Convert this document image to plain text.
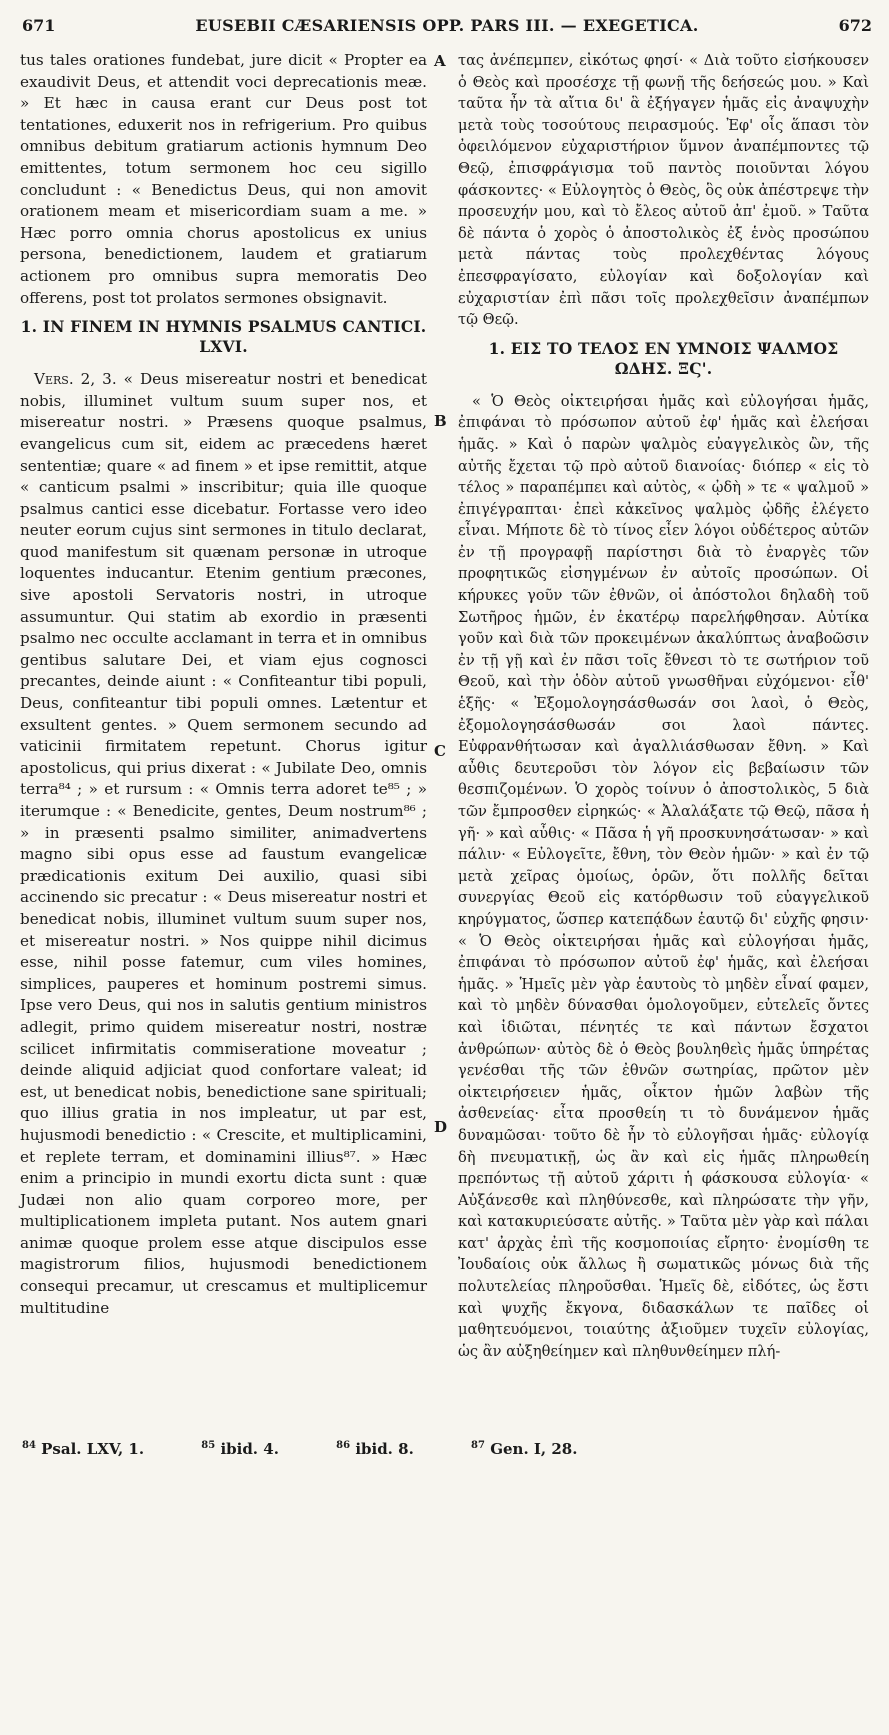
671	EUSEBII CÆSARIENSIS OPP. PARS III. — EXEGETICA.	672

tus tales orationes fundebat, jure dicit « Propter ea exaudivit Deus, et attendit voci deprecationis meæ. » Et hæc in causa erant cur Deus post tot tentationes, eduxerit nos in refrigerium. Pro quibus omnibus debitum gratiarum actionis hymnum Deo emittentes, totum sermonem hoc ceu sigillo concludunt : « Benedictus Deus, qui non amovit orationem meam et misericordiam suam a me. » Hæc porro omnia chorus apostolicus ex unius persona, benedictionem, laudem et gratiarum actionem pro omnibus supra memoratis Deo offerens, post tot prolatos sermones obsignavit.

1. IN FINEM IN HYMNIS PSALMUS CANTICI. LXVI.

Vers. 2, 3. « Deus misereatur nostri et benedicat nobis, illuminet vultum suum super nos, et misereatur nostri. » Præsens quoque psalmus, evangelicus cum sit, eidem ac præcedens hæret sententiæ; quare « ad finem » et ipse remittit, atque « canticum psalmi » inscribitur; quia ille quoque psalmus cantici esse dicebatur. Fortasse vero ideo neuter eorum cujus sint sermones in titulo declarat, quod manifestum sit quænam personæ in utroque loquentes inducantur. Etenim gentium præcones, sive apostoli Servatoris nostri, in utroque assumuntur. Qui statim ab exordio in præsenti psalmo nec occulte acclamant in terra et in omnibus gentibus salutare Dei, et viam ejus cognosci precantes, deinde aiunt : « Confiteantur tibi populi, Deus, confiteantur tibi populi omnes. Lætentur et exsultent gentes. » Quem sermonem secundo ad vaticinii firmitatem repetunt. Chorus igitur apostolicus, qui prius dixerat : « Jubilate Deo, omnis terra⁸⁴ ; » et rursum : « Omnis terra adoret te⁸⁵ ; » iterumque : « Benedicite, gentes, Deum nostrum⁸⁶ ; » in præsenti psalmo similiter, animadvertens magno sibi opus esse ad faustum evangelicæ prædicationis exitum Dei auxilio, quasi sibi accinendo sic precatur : « Deus misereatur nostri et benedicat nobis, illuminet vultum suum super nos, et misereatur nostri. » Nos quippe nihil dicimus esse, nihil posse fatemur, cum viles homines, simplices, pauperes et hominum postremi simus. Ipse vero Deus, qui nos in salutis gentium ministros adlegit, primo quidem misereatur nostri, nostræ scilicet infirmitatis commiseratione moveatur ; deinde aliquid adjiciat quod confortare valeat; id est, ut benedicat nobis, benedictione sane spirituali; quo illius gratia in nos impleatur, ut par est, hujusmodi benedictio : « Crescite, et multiplicamini, et replete terram, et dominamini illius⁸⁷. » Hæc enim a principio in mundi exortu dicta sunt : quæ Judæi non alio quam corporeo more, per multiplicationem impleta putant. Nos autem gnari animæ quoque prolem esse atque discipulos esse magistrorum filios, hujusmodi benedictionem consequi precamur, ut crescamus et multiplicemur multitudine

A
B
C
D

τας ἀνέπεμπεν, εἰκότως φησί· « Διὰ τοῦτο εἰσήκουσεν ὁ Θεὸς καὶ προσέσχε τῇ φωνῇ τῆς δεήσεώς μου. » Καὶ ταῦτα ἦν τὰ αἴτια δι' ἃ ἐξήγαγεν ἡμᾶς εἰς ἀναψυχὴν μετὰ τοὺς τοσούτους πειρασμούς. Ἐφ' οἷς ἅπασι τὸν ὀφειλόμενον εὐχαριστήριον ὕμνον ἀναπέμποντες τῷ Θεῷ, ἐπισφράγισμα τοῦ παντὸς ποιοῦνται λόγου φάσκοντες· « Εὐλογητὸς ὁ Θεὸς, ὃς οὐκ ἀπέστρεψε τὴν προσευχήν μου, καὶ τὸ ἔλεος αὐτοῦ ἀπ' ἐμοῦ. » Ταῦτα δὲ πάντα ὁ χορὸς ὁ ἀποστολικὸς ἐξ ἑνὸς προσώπου μετὰ πάντας τοὺς προλεχθέντας λόγους ἐπεσφραγίσατο, εὐλογίαν καὶ δοξολογίαν καὶ εὐχαριστίαν ἐπὶ πᾶσι τοῖς προλεχθεῖσιν ἀναπέμπων τῷ Θεῷ.

1. ΕΙΣ ΤΟ ΤΕΛΟΣ ΕΝ ΥΜΝΟΙΣ ΨΑΛΜΟΣ ΩΔΗΣ. ΞϚ'.

« Ὁ Θεὸς οἰκτειρήσαι ἡμᾶς καὶ εὐλογήσαι ἡμᾶς, ἐπιφάναι τὸ πρόσωπον αὐτοῦ ἐφ' ἡμᾶς καὶ ἐλεήσαι ἡμᾶς. » Καὶ ὁ παρὼν ψαλμὸς εὐαγγελικὸς ὢν, τῆς αὐτῆς ἔχεται τῷ πρὸ αὐτοῦ διανοίας· διόπερ « εἰς τὸ τέλος » παραπέμπει καὶ αὐτὸς, « ᾠδὴ » τε « ψαλμοῦ » ἐπιγέγραπται· ἐπεὶ κἀκεῖνος ψαλμὸς ᾠδῆς ἐλέγετο εἶναι. Μήποτε δὲ τὸ τίνος εἶεν λόγοι οὐδέτερος αὐτῶν ἐν τῇ προγραφῇ παρίστησι διὰ τὸ ἐναργὲς τῶν προφητικῶς εἰσηγμένων ἐν αὐτοῖς προσώπων. Οἱ κήρυκες γοῦν τῶν ἐθνῶν, οἱ ἀπόστολοι δηλαδὴ τοῦ Σωτῆρος ἡμῶν, ἐν ἑκατέρῳ παρελήφθησαν. Αὐτίκα γοῦν καὶ διὰ τῶν προκειμένων ἀκαλύπτως ἀναβοῶσιν ἐν τῇ γῇ καὶ ἐν πᾶσι τοῖς ἔθνεσι τὸ τε σωτήριον τοῦ Θεοῦ, καὶ τὴν ὁδὸν αὐτοῦ γνωσθῆναι εὐχόμενοι· εἶθ' ἑξῆς· « Ἐξομολογησάσθωσάν σοι λαοὶ, ὁ Θεὸς, ἐξομολογησάσθωσάν σοι λαοὶ πάντες. Εὐφρανθήτωσαν καὶ ἀγαλλιάσθωσαν ἔθνη. » Καὶ αὖθις δευτεροῦσι τὸν λόγον εἰς βεβαίωσιν τῶν θεσπιζομένων. Ὁ χορὸς τοίνυν ὁ ἀποστολικὸς, 5 διὰ τῶν ἔμπροσθεν εἰρηκώς· « Ἀλαλάξατε τῷ Θεῷ, πᾶσα ἡ γῆ· » καὶ αὖθις· « Πᾶσα ἡ γῆ προσκυνησάτωσαν· » καὶ πάλιν· « Εὐλογεῖτε, ἔθνη, τὸν Θεὸν ἡμῶν· » καὶ ἐν τῷ μετὰ χεῖρας ὁμοίως, ὁρῶν, ὅτι πολλῆς δεῖται συνεργίας Θεοῦ εἰς κατόρθωσιν τοῦ εὐαγγελικοῦ κηρύγματος, ὥσπερ κατεπᾴδων ἑαυτῷ δι' εὐχῆς φησιν· « Ὁ Θεὸς οἰκτειρήσαι ἡμᾶς καὶ εὐλογήσαι ἡμᾶς, ἐπιφάναι τὸ πρόσωπον αὐτοῦ ἐφ' ἡμᾶς, καὶ ἐλεήσαι ἡμᾶς. » Ἡμεῖς μὲν γὰρ ἑαυτοὺς τὸ μηδὲν εἶναί φαμεν, καὶ τὸ μηδὲν δύνασθαι ὁμολογοῦμεν, εὐτελεῖς ὄντες καὶ ἰδιῶται, πένητές τε καὶ πάντων ἔσχατοι ἀνθρώπων· αὐτὸς δὲ ὁ Θεὸς βουληθεὶς ἡμᾶς ὑπηρέτας γενέσθαι τῆς τῶν ἐθνῶν σωτηρίας, πρῶτον μὲν οἰκτειρήσειεν ἡμᾶς, οἶκτον ἡμῶν λαβὼν τῆς ἀσθενείας· εἶτα προσθείη τι τὸ δυνάμενον ἡμᾶς δυναμῶσαι· τοῦτο δὲ ἦν τὸ εὐλογῆσαι ἡμᾶς· εὐλογίᾳ δὴ πνευματικῇ, ὡς ἂν καὶ εἰς ἡμᾶς πληρωθείη πρεπόντως τῇ αὐτοῦ χάριτι ἡ φάσκουσα εὐλογία· « Αὐξάνεσθε καὶ πληθύνεσθε, καὶ πληρώσατε τὴν γῆν, καὶ κατακυριεύσατε αὐτῆς. » Ταῦτα μὲν γὰρ καὶ πάλαι κατ' ἀρχὰς ἐπὶ τῆς κοσμοποιίας εἴρητο· ἐνομίσθη τε Ἰουδαίοις οὐκ ἄλλως ἢ σωματικῶς μόνως διὰ τῆς πολυτελείας πληροῦσθαι. Ἡμεῖς δὲ, εἰδότες, ὡς ἔστι καὶ ψυχῆς ἔκγονα, διδασκάλων τε παῖδες οἱ μαθητευόμενοι, τοιαύτης ἀξιοῦμεν τυχεῖν εὐλογίας, ὡς ἂν αὐξηθείημεν καὶ πληθυνθείημεν πλή-

$^{84}$ Psal. LXV, 1.	$^{85}$ ibid. 4.	$^{86}$ ibid. 8.	$^{87}$ Gen. I, 28.
